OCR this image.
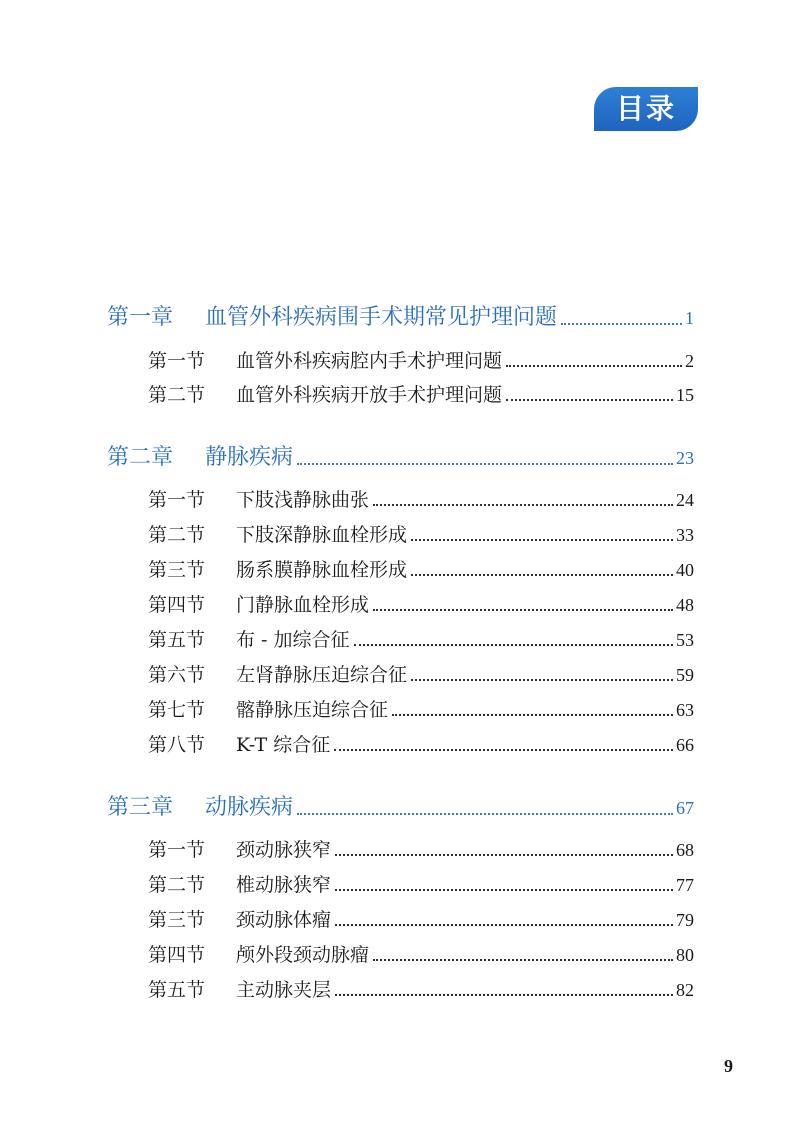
目录
第一章	血管外科疾病围手术期常见护理问题	1
第一节	血管外科疾病腔内手术护理问题	2
第二节	血管外科疾病开放手术护理问题	15
第二章	静脉疾病	23
第一节	下肢浅静脉曲张	24
第二节	下肢深静脉血栓形成	33
第三节	肠系膜静脉血栓形成	40
第四节	门静脉血栓形成	48
第五节	布 - 加综合征	53
第六节	左肾静脉压迫综合征	59
第七节	髂静脉压迫综合征	63
第八节	K-T 综合征	66
第三章	动脉疾病	67
第一节	颈动脉狭窄	68
第二节	椎动脉狭窄	77
第三节	颈动脉体瘤	79
第四节	颅外段颈动脉瘤	80
第五节	主动脉夹层	82
9
